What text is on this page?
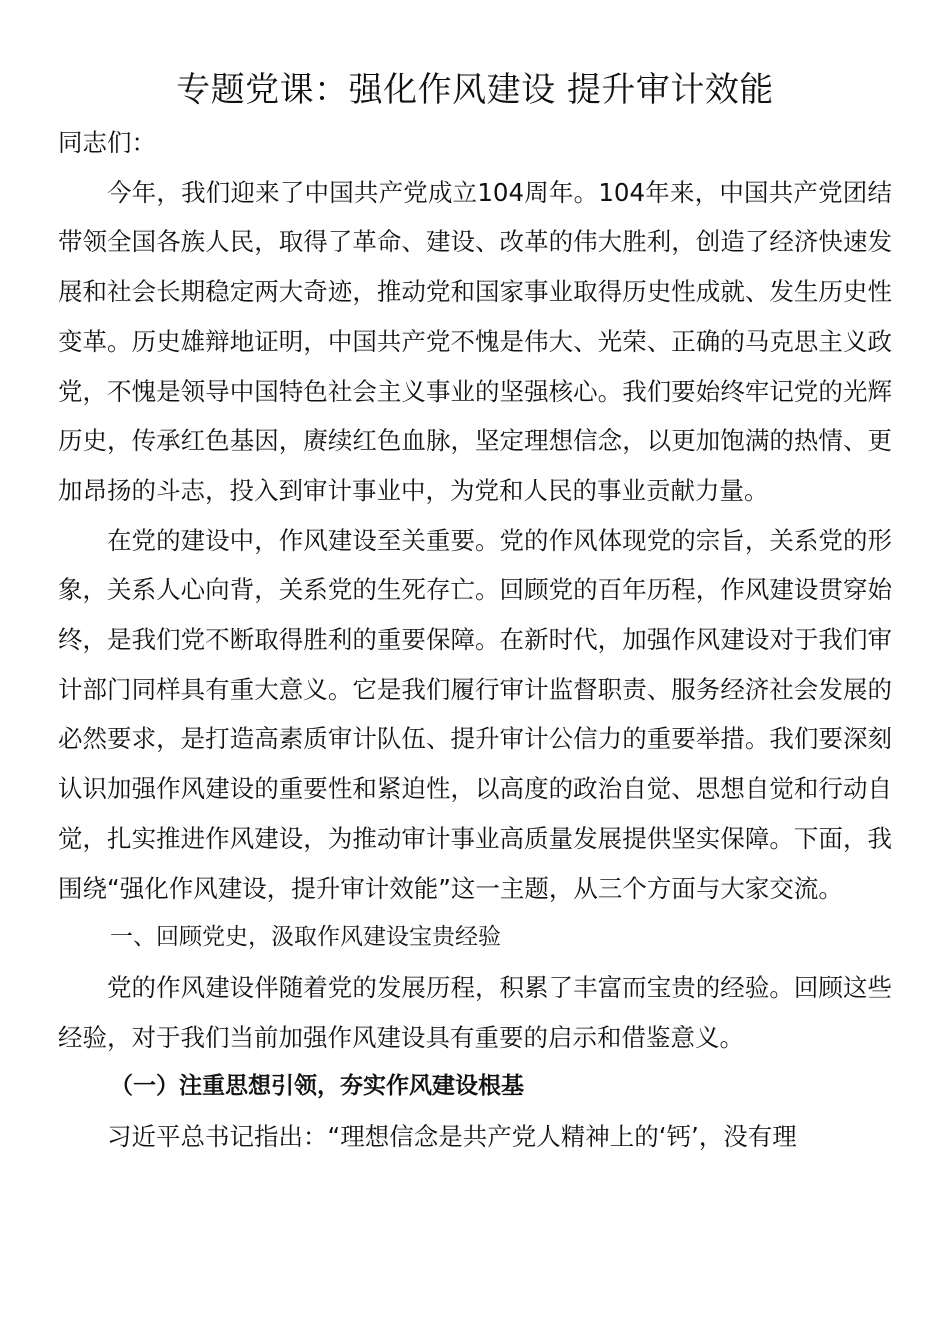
专题党课：强化作风建设 提升审计效能

同志们：

今年，我们迎来了中国共产党成立104周年。104年来，中国共产党团结带领全国各族人民，取得了革命、建设、改革的伟大胜利，创造了经济快速发展和社会长期稳定两大奇迹，推动党和国家事业取得历史性成就、发生历史性变革。历史雄辩地证明，中国共产党不愧是伟大、光荣、正确的马克思主义政党，不愧是领导中国特色社会主义事业的坚强核心。我们要始终牢记党的光辉历史，传承红色基因，赓续红色血脉，坚定理想信念，以更加饱满的热情、更加昂扬的斗志，投入到审计事业中，为党和人民的事业贡献力量。

在党的建设中，作风建设至关重要。党的作风体现党的宗旨，关系党的形象，关系人心向背，关系党的生死存亡。回顾党的百年历程，作风建设贯穿始终，是我们党不断取得胜利的重要保障。在新时代，加强作风建设对于我们审计部门同样具有重大意义。它是我们履行审计监督职责、服务经济社会发展的必然要求，是打造高素质审计队伍、提升审计公信力的重要举措。我们要深刻认识加强作风建设的重要性和紧迫性，以高度的政治自觉、思想自觉和行动自觉，扎实推进作风建设，为推动审计事业高质量发展提供坚实保障。下面，我围绕“强化作风建设，提升审计效能”这一主题，从三个方面与大家交流。

一、回顾党史，汲取作风建设宝贵经验

党的作风建设伴随着党的发展历程，积累了丰富而宝贵的经验。回顾这些经验，对于我们当前加强作风建设具有重要的启示和借鉴意义。

（一）注重思想引领，夯实作风建设根基

习近平总书记指出：“理想信念是共产党人精神上的‘钙’，没有理
